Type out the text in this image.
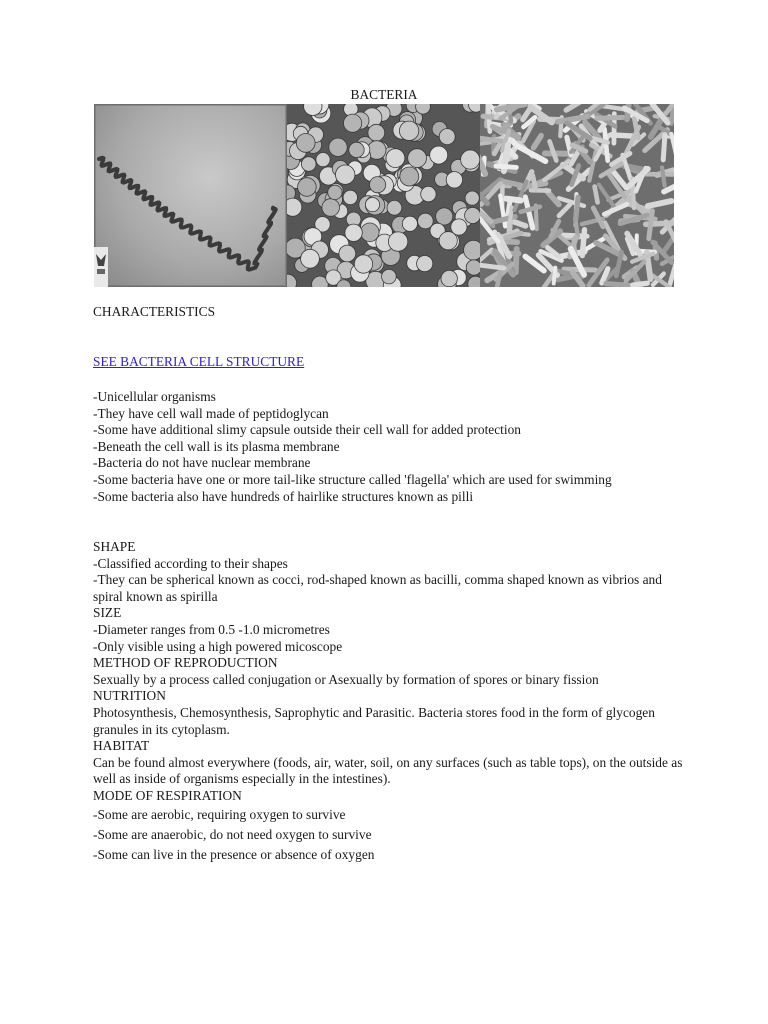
BACTERIA
CHARACTERISTICS
SEE BACTERIA CELL STRUCTURE
-Unicellular organisms
-They have cell wall made of peptidoglycan
-Some have additional slimy capsule outside their cell wall for added protection
-Beneath the cell wall is its plasma membrane
-Bacteria do not have nuclear membrane
-Some bacteria have one or more tail-like structure called 'flagella' which are used for swimming
-Some bacteria also have hundreds of hairlike structures known as pilli
SHAPE
-Classified according to their shapes
-They can be spherical known as cocci, rod-shaped known as bacilli, comma shaped known as vibrios and spiral known as spirilla
SIZE
-Diameter ranges from 0.5 -1.0 micrometres
-Only visible using a high powered micoscope
METHOD OF REPRODUCTION
Sexually by a process called conjugation or Asexually by formation of spores or binary fission
NUTRITION
Photosynthesis, Chemosynthesis, Saprophytic and Parasitic. Bacteria stores food in the form of glycogen granules in its cytoplasm.
HABITAT
Can be found almost everywhere (foods, air, water, soil, on any surfaces (such as table tops), on the outside as well as inside of organisms especially in the intestines).
MODE OF RESPIRATION
-Some are aerobic, requiring oxygen to survive
-Some are anaerobic, do not need oxygen to survive
-Some can live in the presence or absence of oxygen
